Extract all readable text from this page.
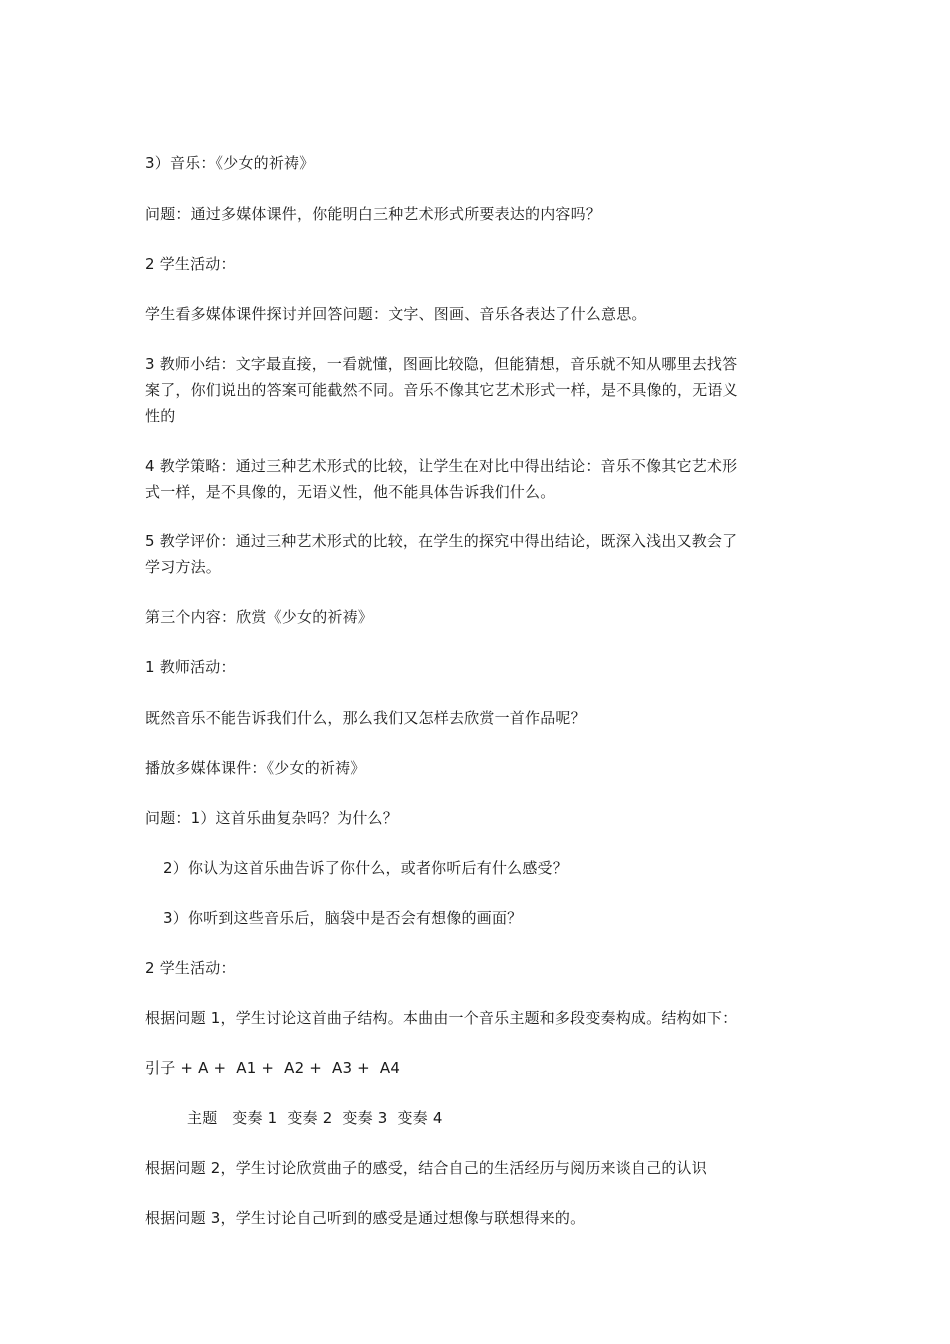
3）音乐：《少女的祈祷》
问题：通过多媒体课件，你能明白三种艺术形式所要表达的内容吗？
2 学生活动：
学生看多媒体课件探讨并回答问题：文字、图画、音乐各表达了什么意思。
3 教师小结：文字最直接，一看就懂，图画比较隐，但能猜想，音乐就不知从哪里去找答
案了，你们说出的答案可能截然不同。音乐不像其它艺术形式一样，是不具像的，无语义
性的
4 教学策略：通过三种艺术形式的比较，让学生在对比中得出结论：音乐不像其它艺术形
式一样，是不具像的，无语义性，他不能具体告诉我们什么。
5 教学评价：通过三种艺术形式的比较，在学生的探究中得出结论，既深入浅出又教会了
学习方法。
第三个内容：欣赏《少女的祈祷》
1 教师活动：
既然音乐不能告诉我们什么，那么我们又怎样去欣赏一首作品呢？
播放多媒体课件：《少女的祈祷》
问题：1）这首乐曲复杂吗？为什么？
2）你认为这首乐曲告诉了你什么，或者你听后有什么感受？
3）你听到这些音乐后，脑袋中是否会有想像的画面？
2 学生活动：
根据问题 1，学生讨论这首曲子结构。本曲由一个音乐主题和多段变奏构成。结构如下：
引子 + A +  A1 +  A2 +  A3 +  A4
主题   变奏 1  变奏 2  变奏 3  变奏 4
根据问题 2，学生讨论欣赏曲子的感受，结合自己的生活经历与阅历来谈自己的认识
根据问题 3，学生讨论自己听到的感受是通过想像与联想得来的。
